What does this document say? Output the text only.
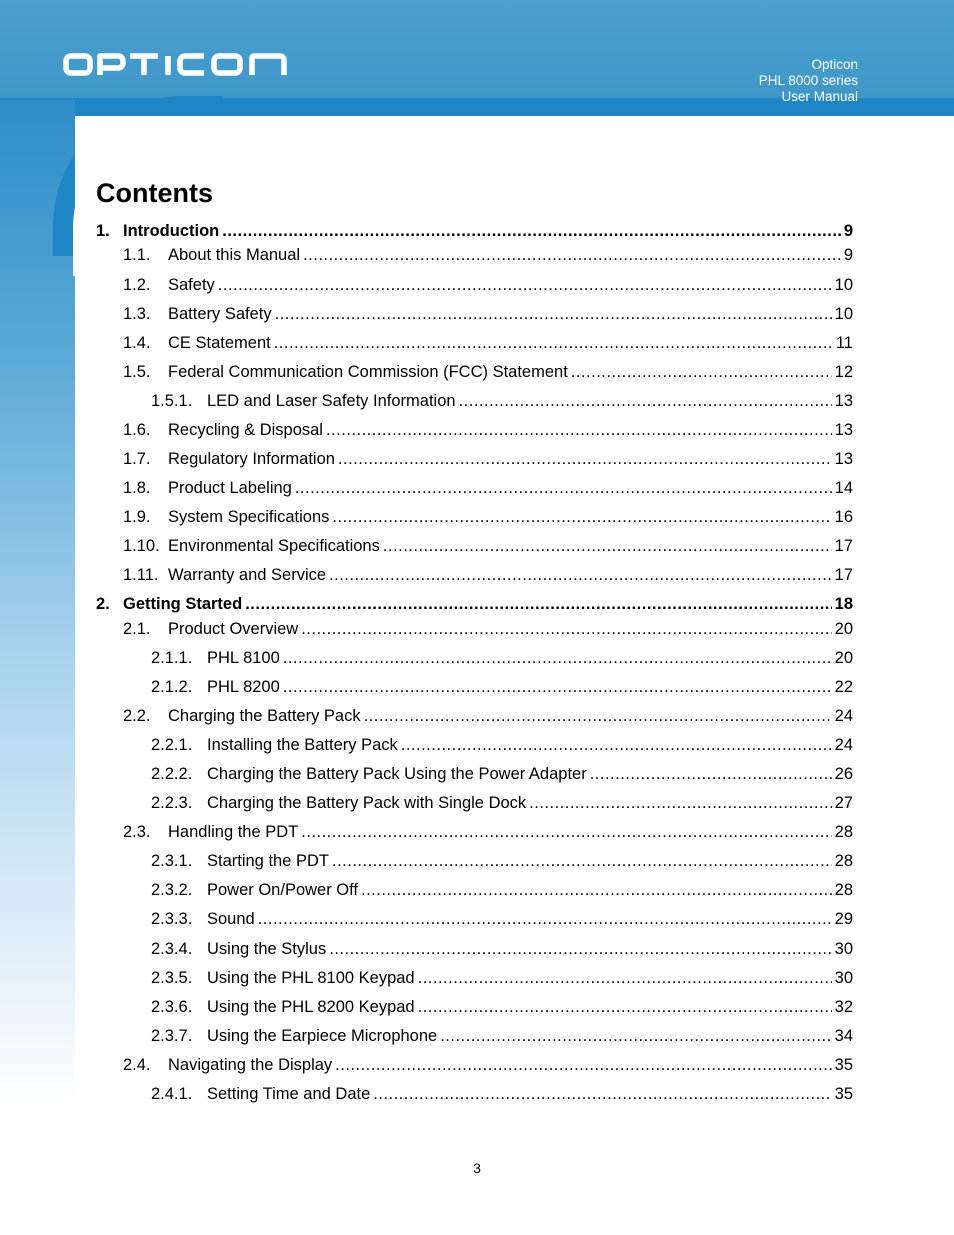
Opticon
PHL 8000 series
User Manual
Contents
1. Introduction .....	9
1.1.	About this Manual .....	9
1.2.	Safety .....	10
1.3.	Battery Safety .....	10
1.4.	CE Statement .....	11
1.5.	Federal Communication Commission (FCC) Statement .....	12
1.5.1. LED and Laser Safety Information .....	13
1.6.	Recycling & Disposal .....	13
1.7.	Regulatory Information .....	13
1.8.	Product Labeling .....	14
1.9.	System Specifications .....	16
1.10. Environmental Specifications .....	17
1.11. Warranty and Service .....	17
2. Getting Started .....	18
2.1.	Product Overview .....	20
2.1.1. PHL 8100 .....	20
2.1.2. PHL 8200 .....	22
2.2.	Charging the Battery Pack .....	24
2.2.1. Installing the Battery Pack .....	24
2.2.2. Charging the Battery Pack Using the Power Adapter .....	26
2.2.3. Charging the Battery Pack with Single Dock .....	27
2.3.	Handling the PDT .....	28
2.3.1. Starting the PDT .....	28
2.3.2. Power On/Power Off .....	28
2.3.3. Sound .....	29
2.3.4. Using the Stylus .....	30
2.3.5. Using the PHL 8100 Keypad .....	30
2.3.6. Using the PHL 8200 Keypad .....	32
2.3.7. Using the Earpiece Microphone .....	34
2.4.	Navigating the Display .....	35
2.4.1. Setting Time and Date .....	35
3
